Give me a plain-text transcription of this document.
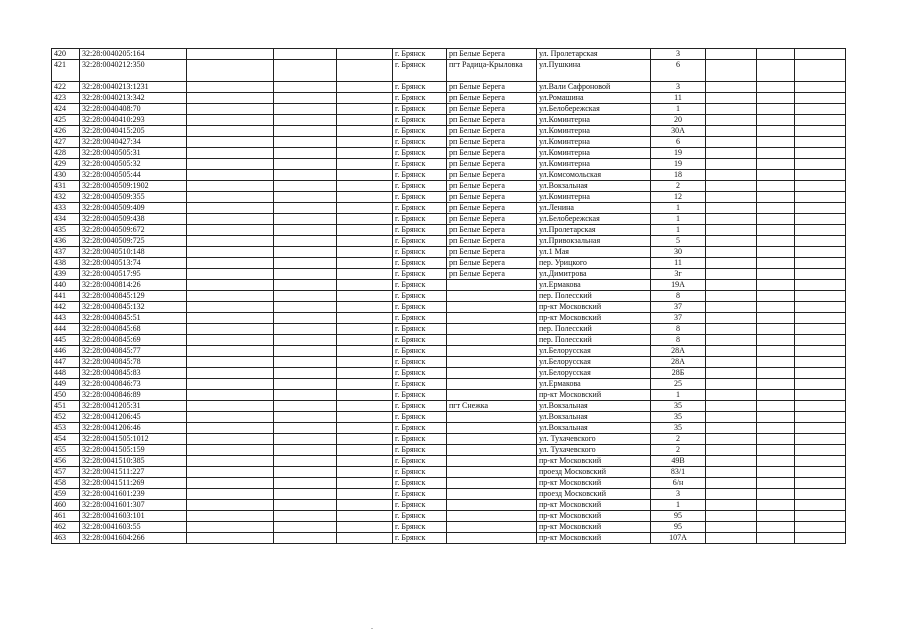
420	32:28:0040205:164				г. Брянск	рп Белые Берега	ул. Пролетарская	3			
421	32:28:0040212:350				г. Брянск	пгт Радица-Крыловка	ул.Пушкина	6			
422	32:28:0040213:1231				г. Брянск	рп Белые Берега	ул.Вали Сафроновой	3			
423	32:28:0040213:342				г. Брянск	рп Белые Берега	ул.Ромашина	11			
424	32:28:0040408:70				г. Брянск	рп Белые Берега	ул.Белобережская	1			
425	32:28:0040410:293				г. Брянск	рп Белые Берега	ул.Коминтерна	20			
426	32:28:0040415:205				г. Брянск	рп Белые Берега	ул.Коминтерна	30А			
427	32:28:0040427:34				г. Брянск	рп Белые Берега	ул.Коминтерна	6			
428	32:28:0040505:31				г. Брянск	рп Белые Берега	ул.Коминтерна	19			
429	32:28:0040505:32				г. Брянск	рп Белые Берега	ул.Коминтерна	19			
430	32:28:0040505:44				г. Брянск	рп Белые Берега	ул.Комсомольская	18			
431	32:28:0040509:1902				г. Брянск	рп Белые Берега	ул.Вокзальная	2			
432	32:28:0040509:355				г. Брянск	рп Белые Берега	ул.Коминтерна	12			
433	32:28:0040509:409				г. Брянск	рп Белые Берега	ул.Ленина	1			
434	32:28:0040509:438				г. Брянск	рп Белые Берега	ул.Белобережская	1			
435	32:28:0040509:672				г. Брянск	рп Белые Берега	ул.Пролетарская	1			
436	32:28:0040509:725				г. Брянск	рп Белые Берега	ул.Привокзальная	5			
437	32:28:0040510:148				г. Брянск	рп Белые Берега	ул.1 Мая	30			
438	32:28:0040513:74				г. Брянск	рп Белые Берега	пер. Урицкого	11			
439	32:28:0040517:95				г. Брянск	рп Белые Берега	ул.Димитрова	3г			
440	32:28:0040814:26				г. Брянск		ул.Ермакова	19А			
441	32:28:0040845:129				г. Брянск		пер. Полесский	8			
442	32:28:0040845:132				г. Брянск		пр-кт Московский	37			
443	32:28:0040845:51				г. Брянск		пр-кт Московский	37			
444	32:28:0040845:68				г. Брянск		пер. Полесский	8			
445	32:28:0040845:69				г. Брянск		пер. Полесский	8			
446	32:28:0040845:77				г. Брянск		ул.Белорусская	28А			
447	32:28:0040845:78				г. Брянск		ул.Белорусская	28А			
448	32:28:0040845:83				г. Брянск		ул.Белорусская	28Б			
449	32:28:0040846:73				г. Брянск		ул.Ермакова	25			
450	32:28:0040846:89				г. Брянск		пр-кт Московский	1			
451	32:28:0041205:31				г. Брянск	пгт Снежка	ул.Вокзальная	35			
452	32:28:0041206:45				г. Брянск		ул.Вокзальная	35			
453	32:28:0041206:46				г. Брянск		ул.Вокзальная	35			
454	32:28:0041505:1012				г. Брянск		ул. Тухачевского	2			
455	32:28:0041505:159				г. Брянск		ул. Тухачевского	2			
456	32:28:0041510:385				г. Брянск		пр-кт Московский	49В			
457	32:28:0041511:227				г. Брянск		проезд Московский	83/1			
458	32:28:0041511:269				г. Брянск		пр-кт Московский	6/н			
459	32:28:0041601:239				г. Брянск		проезд Московский	3			
460	32:28:0041601:307				г. Брянск		пр-кт Московский	1			
461	32:28:0041603:101				г. Брянск		пр-кт Московский	95			
462	32:28:0041603:55				г. Брянск		пр-кт Московский	95			
463	32:28:0041604:266				г. Брянск		пр-кт Московский	107А			
